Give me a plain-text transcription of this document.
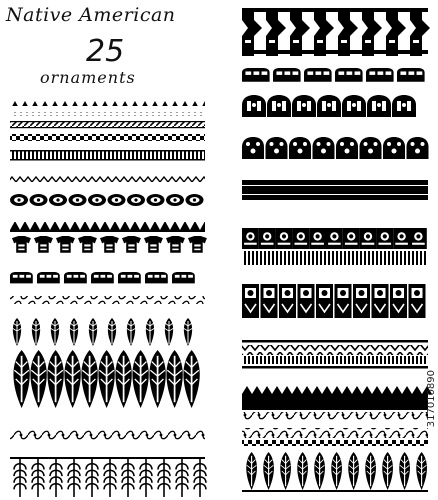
Native American
25
ornaments
317010890
